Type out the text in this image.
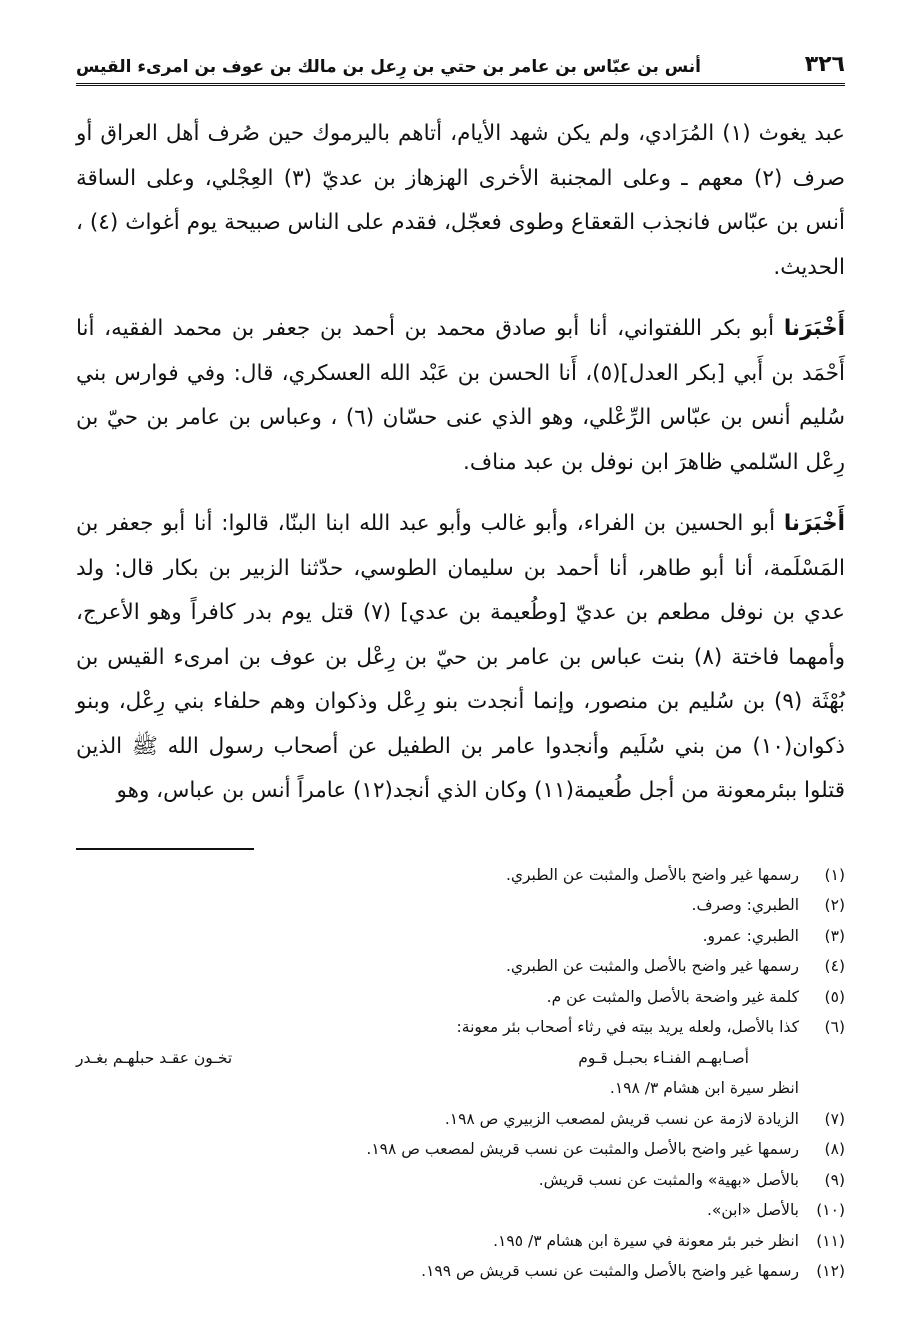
٣٢٦
أنس بن عبّاس بن عامر بن حتي بن رِعل بن مالك بن عوف بن امرىء القيس

عبد يغوث (١) المُرَادي، ولم يكن شهد الأيام، أتاهم باليرموك حين صُرف أهل العراق أو صرف (٢) معهم ـ وعلى المجنبة الأخرى الهزهاز بن عديّ (٣) العِجْلي، وعلى الساقة أنس بن عبّاس فانجذب القعقاع وطوى فعجّل، فقدم على الناس صبيحة يوم أغواث (٤) ، الحديث.

أَخْبَرَنا أبو بكر اللفتواني، أنا أبو صادق محمد بن أحمد بن جعفر بن محمد الفقيه، أنا أَحْمَد بن أَبي [بكر العدل](٥)، أَنا الحسن بن عَبْد الله العسكري، قال: وفي فوارس بني سُليم أنس بن عبّاس الرِّعْلي، وهو الذي عنى حسّان (٦) ، وعباس بن عامر بن حيّ بن رِعْل السّلمي ظاهرَ ابن نوفل بن عبد مناف.

أَخْبَرَنا أبو الحسين بن الفراء، وأبو غالب وأبو عبد الله ابنا البنّا، قالوا: أنا أبو جعفر بن المَسْلَمة، أنا أبو طاهر، أنا أحمد بن سليمان الطوسي، حدّثنا الزبير بن بكار قال: ولد عدي بن نوفل مطعم بن عديّ [وطُعيمة بن عدي] (٧) قتل يوم بدر كافراً وهو الأعرج، وأمهما فاختة (٨) بنت عباس بن عامر بن حيّ بن رِعْل بن عوف بن امرىء القيس بن بُهْثَة (٩) بن سُليم بن منصور، وإنما أنجدت بنو رِعْل وذكوان وهم حلفاء بني رِعْل، وبنو ذكوان(١٠) من بني سُلَيم وأنجدوا عامر بن الطفيل عن أصحاب رسول الله ﷺ الذين قتلوا ببئرمعونة من أجل طُعيمة(١١) وكان الذي أنجد(١٢) عامراً أنس بن عباس، وهو

(١)
رسمها غير واضح بالأصل والمثبت عن الطبري.
(٢)
الطبري: وصرف.
(٣)
الطبري: عمرو.
(٤)
رسمها غير واضح بالأصل والمثبت عن الطبري.
(٥)
كلمة غير واضحة بالأصل والمثبت عن م.
(٦)
كذا بالأصل، ولعله يريد بيته في رثاء أصحاب بئر معونة:
أصـابهـم الفنـاء بحبـل قـوم
تخـون عقـد حبلهـم بغـدر
انظر سيرة ابن هشام ٣/ ١٩٨.
(٧)
الزيادة لازمة عن نسب قريش لمصعب الزبيري ص ١٩٨.
(٨)
رسمها غير واضح بالأصل والمثبت عن نسب قريش لمصعب ص ١٩٨.
(٩)
بالأصل «بهية» والمثبت عن نسب قريش.
(١٠)
بالأصل «ابن».
(١١)
انظر خبر بئر معونة في سيرة ابن هشام ٣/ ١٩٥.
(١٢)
رسمها غير واضح بالأصل والمثبت عن نسب قريش ص ١٩٩.
